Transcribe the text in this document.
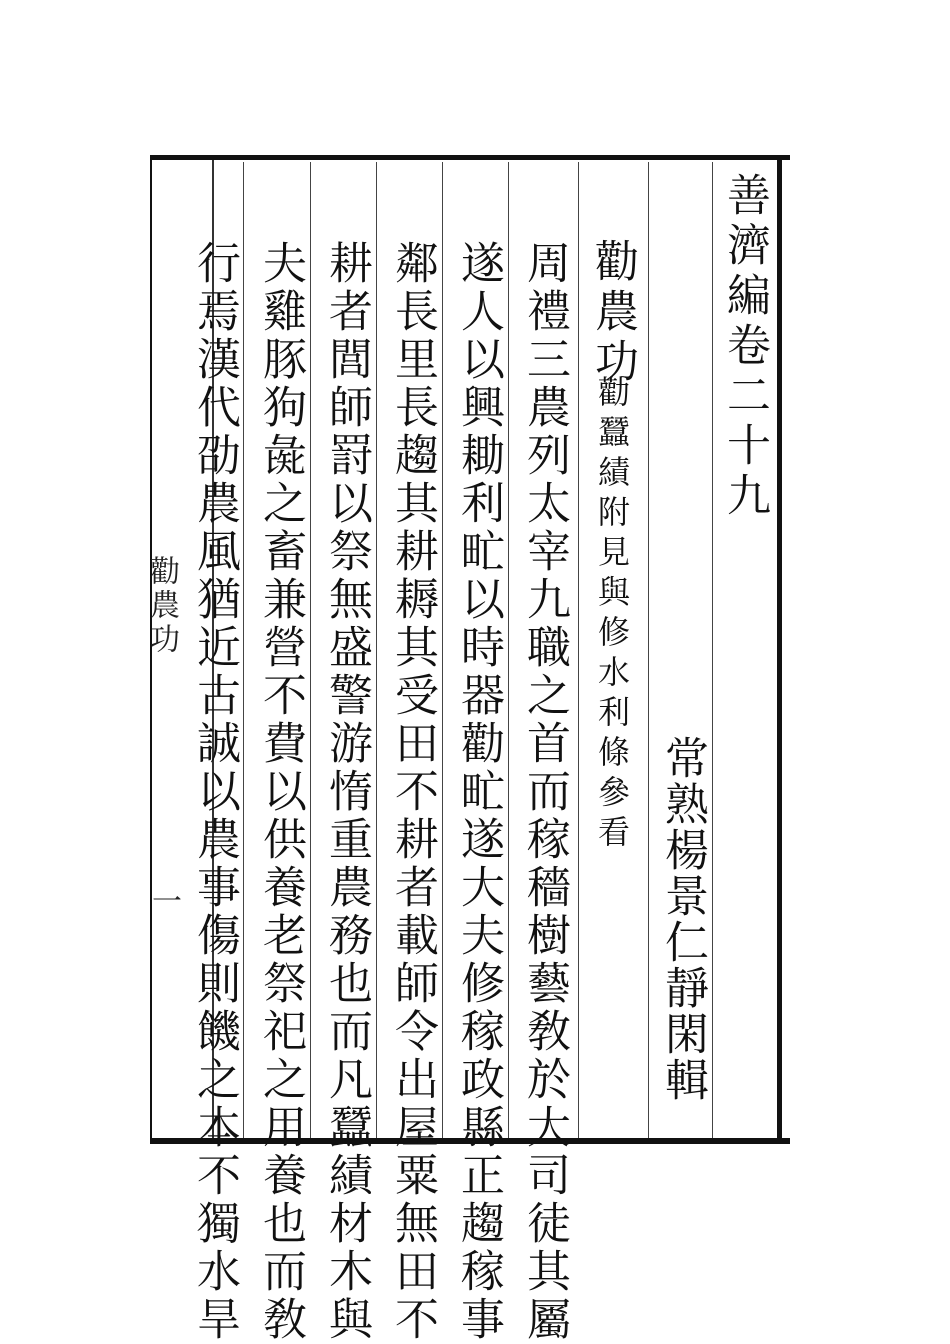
善濟編卷二十九
常熟楊景仁靜閑輯
勸農功
勸蠶績附見與修水利條參看
周禮三農列太宰九職之首而稼穡樹藝敎於大司徒其屬
遂人以興耡利甿以時器勸甿遂大夫修稼政縣正趨稼事
鄰長里長趨其耕耨其受田不耕者載師令出屋粟無田不
耕者閭師罸以祭無盛警游惰重農務也而凡蠶績材木與
夫雞豚狗彘之畜兼營不費以供養老祭祀之用養也而敎
行焉漢代劭農風猶近古誠以農事傷則饑之本不獨水旱
勸農功
一
